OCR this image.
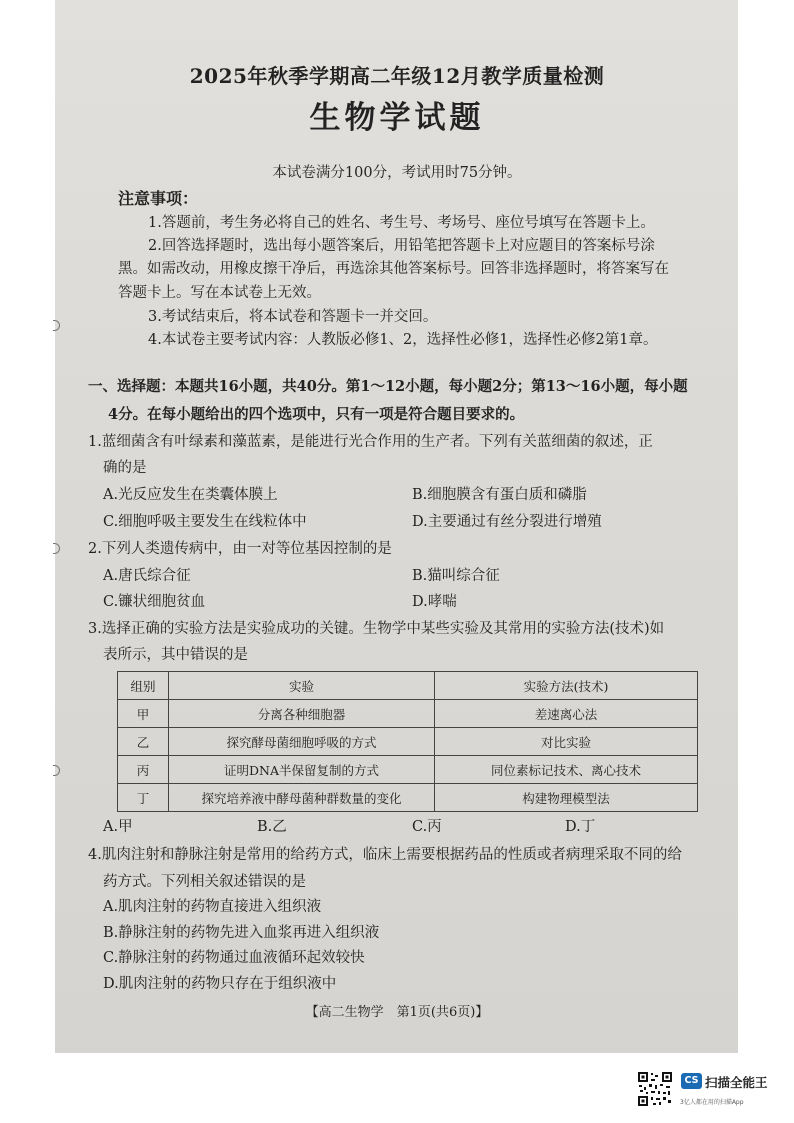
2025年秋季学期高二年级12月教学质量检测
生物学试题
本试卷满分100分，考试用时75分钟。
注意事项：
1.答题前，考生务必将自己的姓名、考生号、考场号、座位号填写在答题卡上。
2.回答选择题时，选出每小题答案后，用铅笔把答题卡上对应题目的答案标号涂
黑。如需改动，用橡皮擦干净后，再选涂其他答案标号。回答非选择题时，将答案写在
答题卡上。写在本试卷上无效。
3.考试结束后，将本试卷和答题卡一并交回。
4.本试卷主要考试内容：人教版必修1、2，选择性必修1，选择性必修2第1章。
一、选择题：本题共16小题，共40分。第1～12小题，每小题2分；第13～16小题，每小题
4分。在每小题给出的四个选项中，只有一项是符合题目要求的。
1.蓝细菌含有叶绿素和藻蓝素，是能进行光合作用的生产者。下列有关蓝细菌的叙述，正
确的是
A.光反应发生在类囊体膜上	B.细胞膜含有蛋白质和磷脂
C.细胞呼吸主要发生在线粒体中	D.主要通过有丝分裂进行增殖
2.下列人类遗传病中，由一对等位基因控制的是
A.唐氏综合征	B.猫叫综合征
C.镰状细胞贫血	D.哮喘
3.选择正确的实验方法是实验成功的关键。生物学中某些实验及其常用的实验方法(技术)如
表所示，其中错误的是
组别	实验	实验方法(技术)
甲	分离各种细胞器	差速离心法
乙	探究酵母菌细胞呼吸的方式	对比实验
丙	证明DNA半保留复制的方式	同位素标记技术、离心技术
丁	探究培养液中酵母菌种群数量的变化	构建物理模型法
A.甲	B.乙	C.丙	D.丁
4.肌肉注射和静脉注射是常用的给药方式，临床上需要根据药品的性质或者病理采取不同的给
药方式。下列相关叙述错误的是
A.肌肉注射的药物直接进入组织液
B.静脉注射的药物先进入血浆再进入组织液
C.静脉注射的药物通过血液循环起效较快
D.肌肉注射的药物只存在于组织液中
【高二生物学　第1页(共6页)】
CS 扫描全能王
3亿人都在用的扫描App
